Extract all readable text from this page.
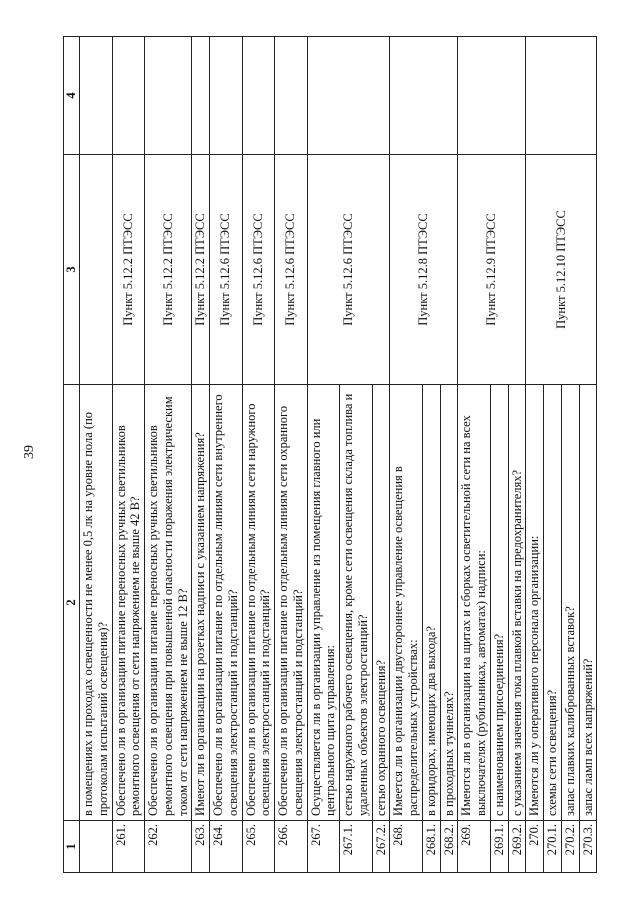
39
1	2	3	4
	в помещениях и проходах освещенности не менее 0,5 лк на уровне пола (по протоколам испытаний освещения)?		
261.	Обеспечено ли в организации питание переносных ручных светильников ремонтного освещения от сети напряжением не выше 42 В?	Пункт 5.12.2 ПТЭСС	
262.	Обеспечено ли в организации питание переносных ручных светильников ремонтного освещения при повышенной опасности поражения электрическим током от сети напряжением не выше 12 В?	Пункт 5.12.2 ПТЭСС	
263.	Имеют ли в организации на розетках надписи с указанием напряжения?	Пункт 5.12.2 ПТЭСС	
264.	Обеспечено ли в организации питание по отдельным линиям сети внутреннего освещения электростанций и подстанций?	Пункт 5.12.6 ПТЭСС	
265.	Обеспечено ли в организации питание по отдельным линиям сети наружного освещения электростанций и подстанций?	Пункт 5.12.6 ПТЭСС	
266.	Обеспечено ли в организации питание по отдельным линиям сети охранного освещения электростанций и подстанций?	Пункт 5.12.6 ПТЭСС	
267.	Осуществляется ли в организации управление из помещения главного или центрального щита управления:	Пункт 5.12.6 ПТЭСС	
267.1.	сетью наружного рабочего освещения, кроме сети освещения склада топлива и удаленных объектов электростанций?		
267.2.	сетью охранного освещения?		
268.	Имеется ли в организации двустороннее управление освещения в распределительных устройствах:	Пункт 5.12.8 ПТЭСС	
268.1.	в коридорах, имеющих два выхода?		
268.2.	в проходных туннелях?		
269.	Имеются ли в организации на щитах и сборках осветительной сети на всех выключателях (рубильниках, автоматах) надписи:	Пункт 5.12.9 ПТЭСС	
269.1.	с наименованием присоединения?		
269.2.	с указанием значения тока плавкой вставки на предохранителях?		
270.	Имеются ли у оперативного персонала организации:	Пункт 5.12.10 ПТЭСС	
270.1.	схемы сети освещения?		
270.2.	запас плавких калиброванных вставок?		
270.3.	запас ламп всех напряжений?		
